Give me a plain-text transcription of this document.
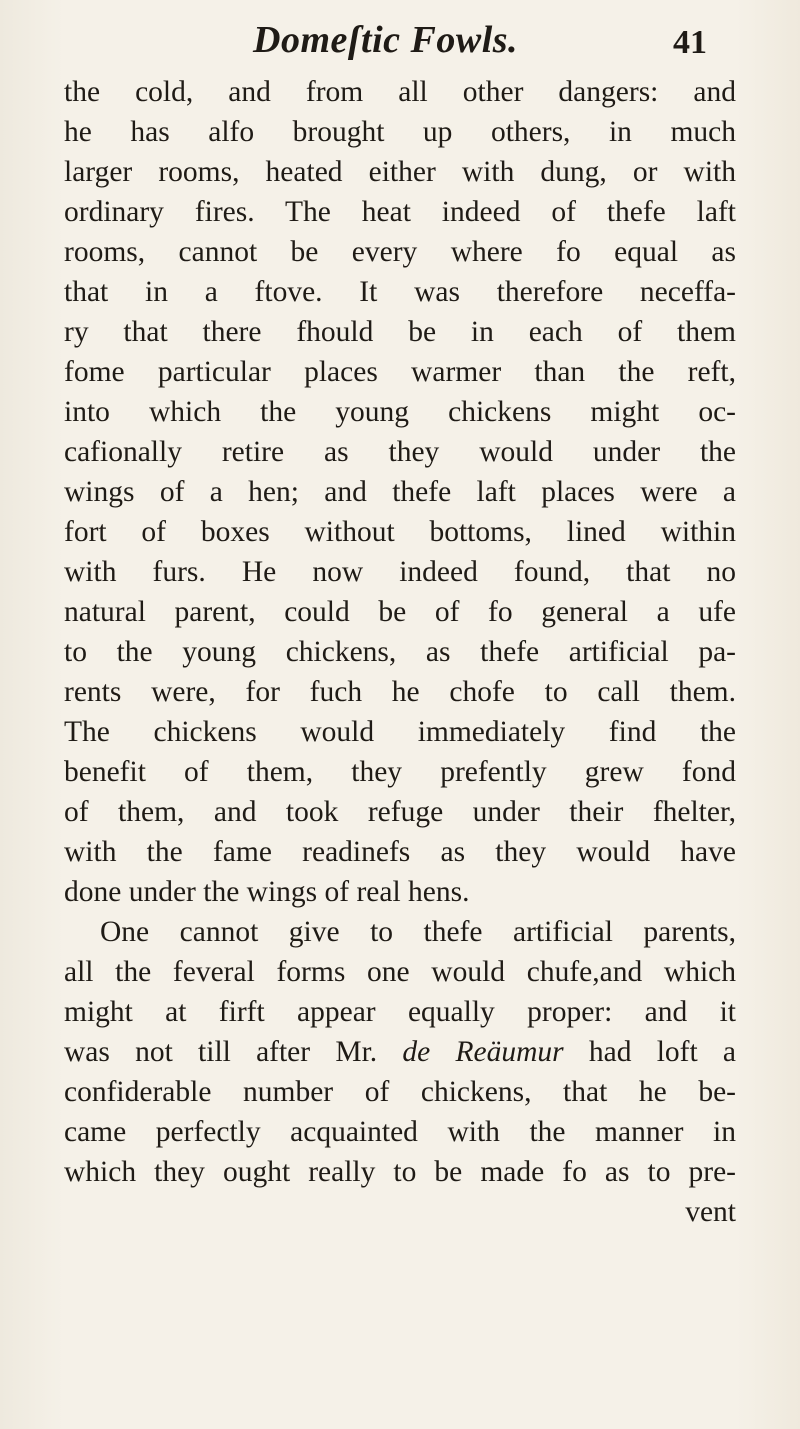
Domeſtic Fowls.	41
the cold, and from all other dangers: and
he has alfo brought up others, in much
larger rooms, heated either with dung, or with
ordinary fires. The heat indeed of thefe laft
rooms, cannot be every where fo equal as
that in a ftove. It was therefore neceffa-
ry that there fhould be in each of them
fome particular places warmer than the reft,
into which the young chickens might oc-
cafionally retire as they would under the
wings of a hen; and thefe laft places were a
fort of boxes without bottoms, lined within
with furs. He now indeed found, that no
natural parent, could be of fo general a ufe
to the young chickens, as thefe artificial pa-
rents were, for fuch he chofe to call them.
The chickens would immediately find the
benefit of them, they prefently grew fond
of them, and took refuge under their fhelter,
with the fame readinefs as they would have
done under the wings of real hens.
One cannot give to thefe artificial parents,
all the feveral forms one would chufe,and which
might at firft appear equally proper: and it
was not till after Mr. de Reäumur had loft a
confiderable number of chickens, that he be-
came perfectly acquainted with the manner in
which they ought really to be made fo as to pre-
vent
